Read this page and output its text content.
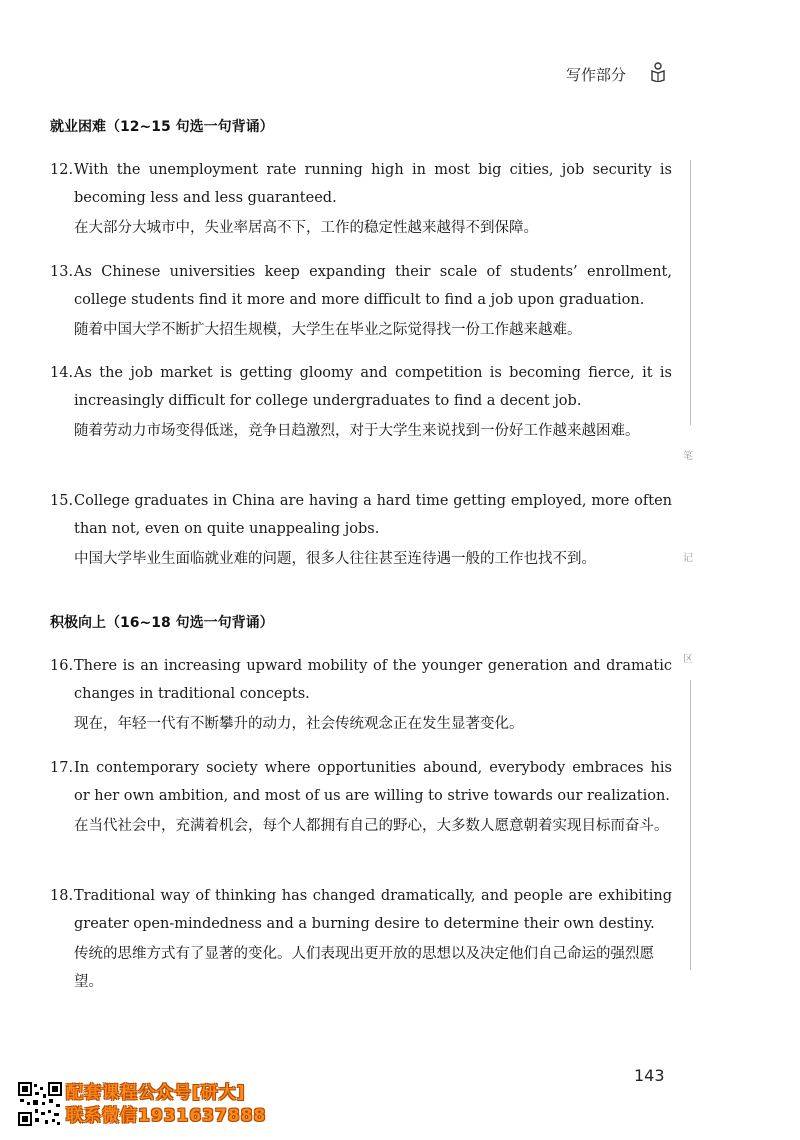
写作部分
就业困难（12~15 句选一句背诵）
12. With the unemployment rate running high in most big cities, job security is becoming less and less guaranteed.
在大部分大城市中，失业率居高不下，工作的稳定性越来越得不到保障。
13. As Chinese universities keep expanding their scale of students’ enrollment, college students find it more and more difficult to find a job upon graduation.
随着中国大学不断扩大招生规模，大学生在毕业之际觉得找一份工作越来越难。
14. As the job market is getting gloomy and competition is becoming fierce, it is increasingly difficult for college undergraduates to find a decent job.
随着劳动力市场变得低迷，竞争日趋激烈，对于大学生来说找到一份好工作越来越困难。
15. College graduates in China are having a hard time getting employed, more often than not, even on quite unappealing jobs.
中国大学毕业生面临就业难的问题，很多人往往甚至连待遇一般的工作也找不到。
积极向上（16~18 句选一句背诵）
16. There is an increasing upward mobility of the younger generation and dramatic changes in traditional concepts.
现在，年轻一代有不断攀升的动力，社会传统观念正在发生显著变化。
17. In contemporary society where opportunities abound, everybody embraces his or her own ambition, and most of us are willing to strive towards our realization.
在当代社会中，充满着机会，每个人都拥有自己的野心，大多数人愿意朝着实现目标而奋斗。
18. Traditional way of thinking has changed dramatically, and people are exhibiting greater open-mindedness and a burning desire to determine their own destiny.
传统的思维方式有了显著的变化。人们表现出更开放的思想以及决定他们自己命运的强烈愿望。
笔
记
区
143
配套课程公众号[研大]
联系微信1931637888
